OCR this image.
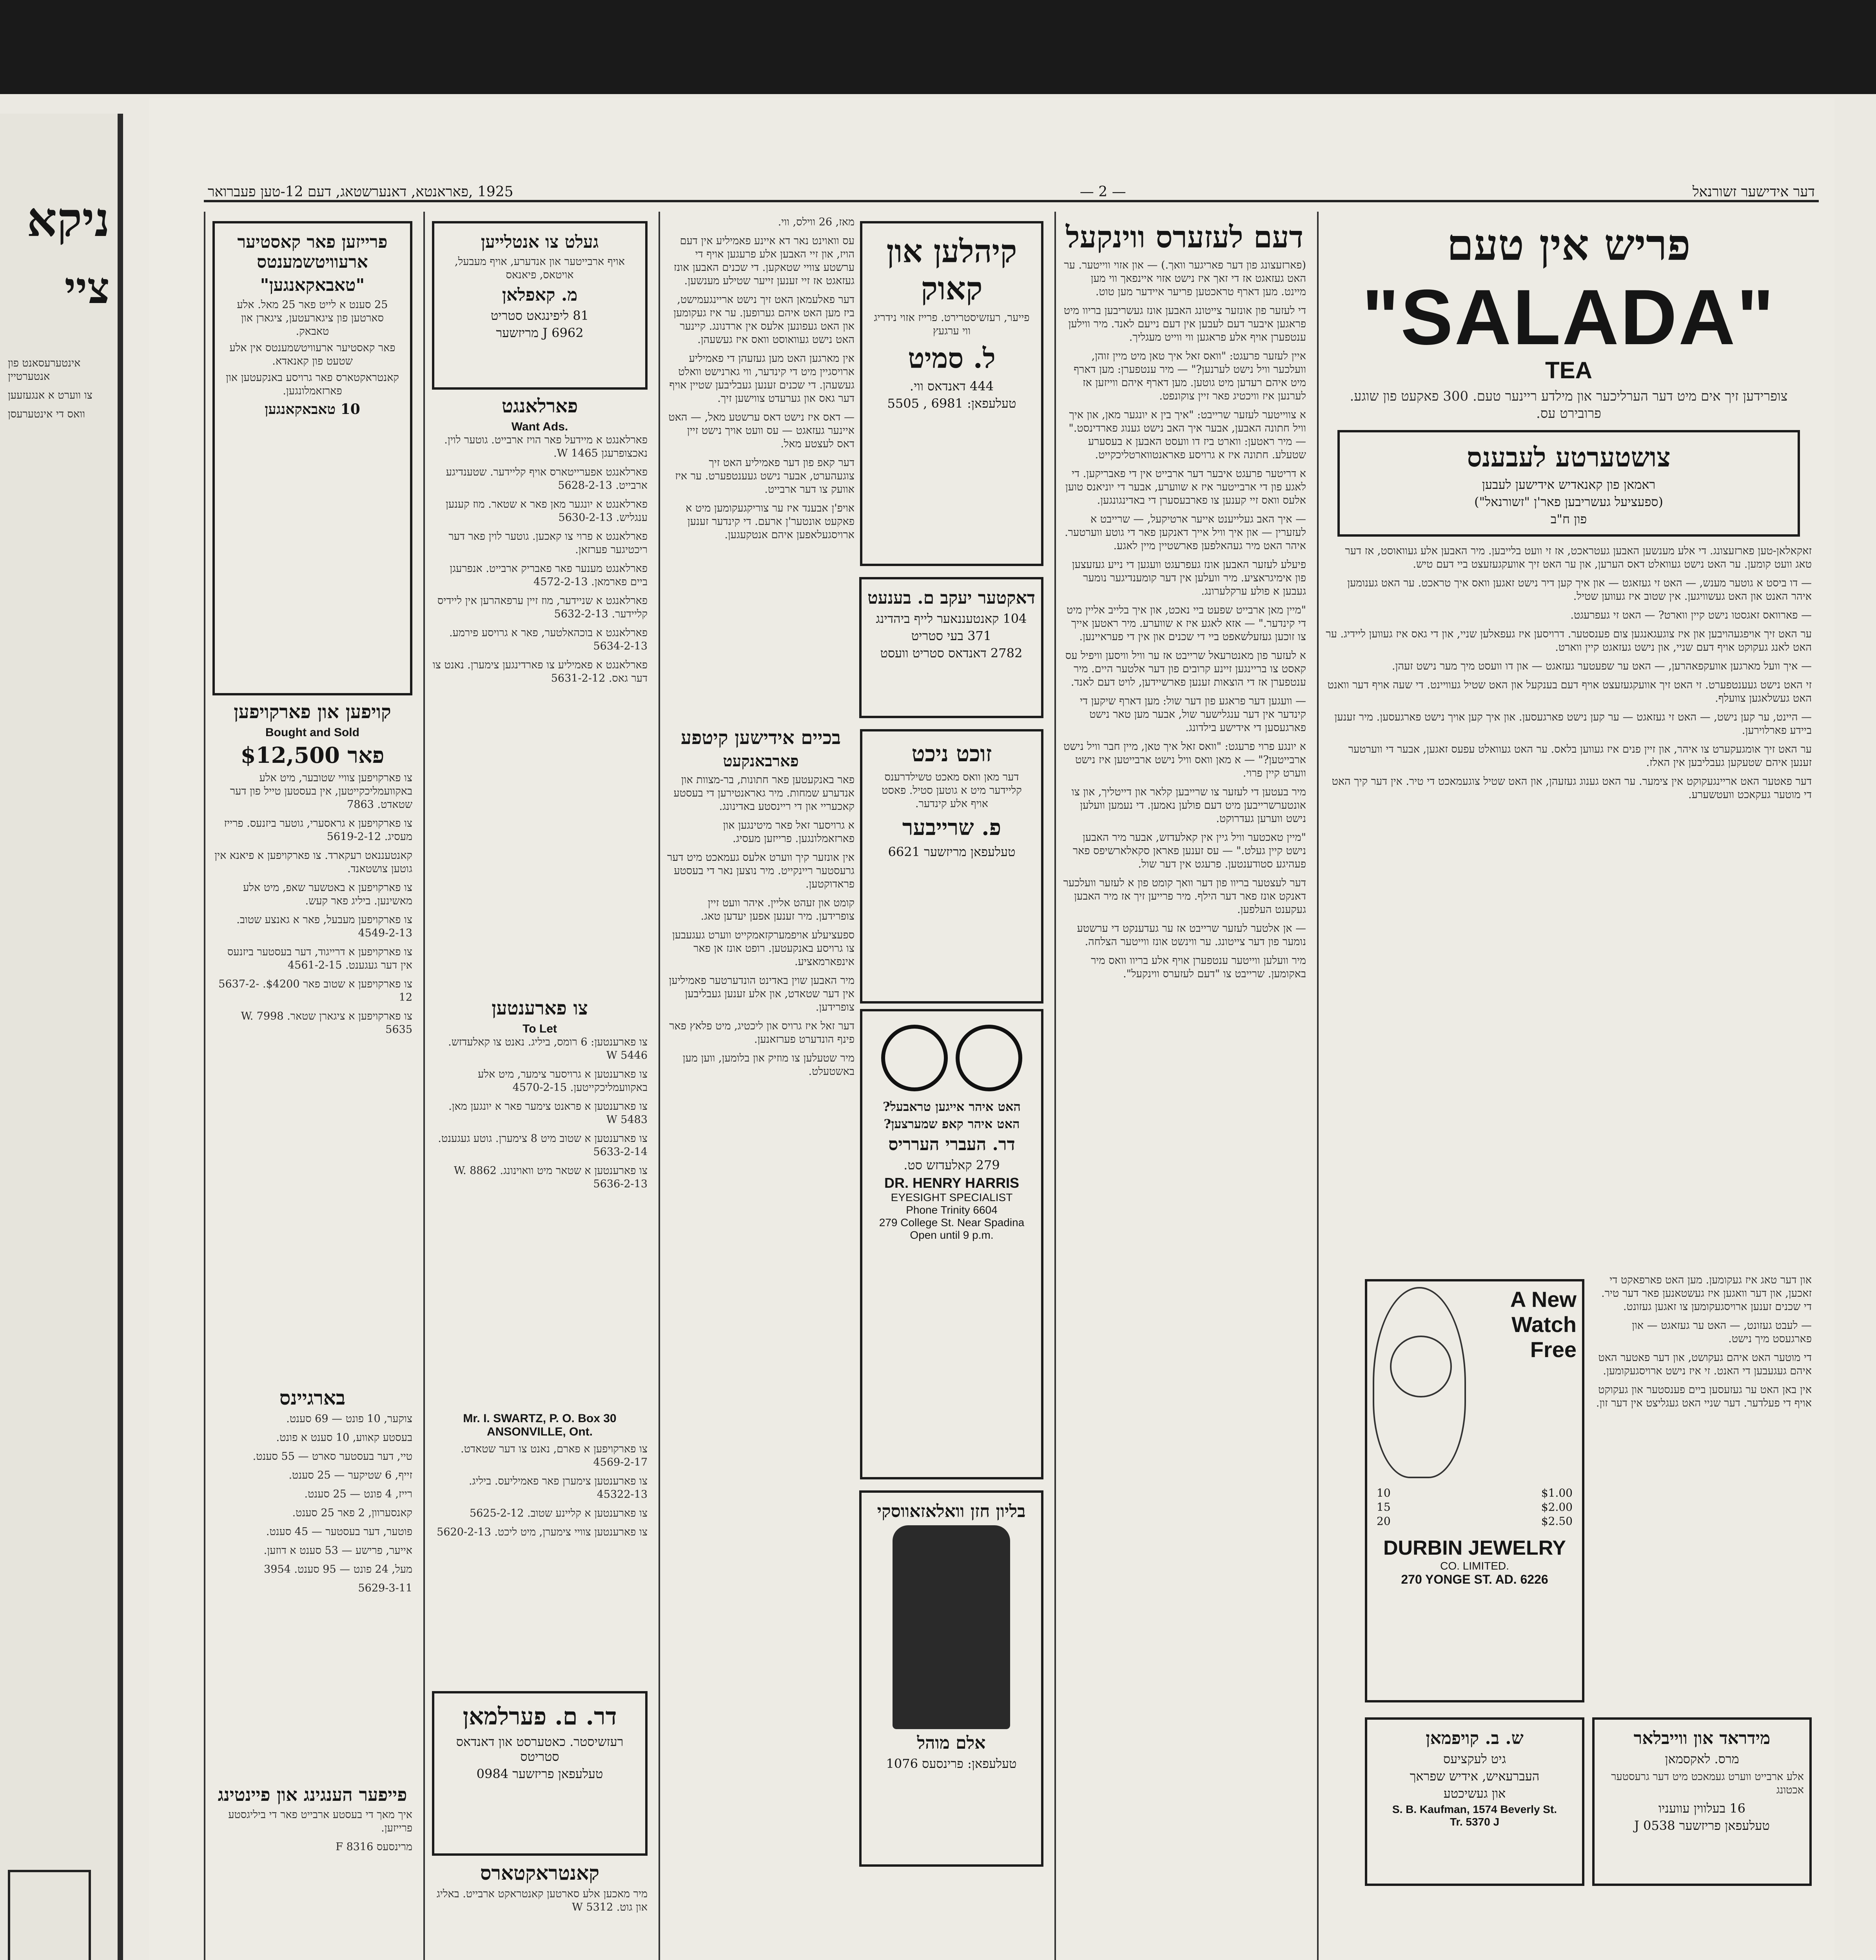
ניקא
ציי

אינטערעסאנט פון אנטערטיין

צו ווערט א אנגעזעען

וואס די אינטערעסן

דער אידישער זשורנאל
— 2 —
1925 ,פאראנטא, דאנערשטאג, דעם 12-טען פעברואר
פריש אין טעם
"SALADA"
TEA
צופרידען זיך אים מיט דער הערליכער און מילדע ריינער טעם. 300 פאקעט פון שוגע. פרובירט עס.
צושטערטע לעבענס
ראמאן פון קאנאדיש אידישען לעבען
(ספעציעל געשריבען פאר'ן "זשורנאל")
פון ח"ב

זאקאלאן-טען פארזעצונג. די אלע מענשען האבען געטראכט, אז זי וועט בלייבען. מיר האבען אלע געוואוסט, אז דער טאג וועט קומען. ער האט נישט געוואלט דאס הערען, און ער האט זיך אוועקגעזעצט ביי דעם טיש.

— דו ביסט א גוטער מענש, — האט זי געזאגט — און איך קען דיר נישט זאגען וואס איך טראכט. ער האט גענומען איהר האנט און האט געשוויגען. אין שטוב איז געווען שטיל.

— פארוואס זאגסטו נישט קיין ווארט? — האט זי געפרעגט.

ער האט זיך אויפגעהויבען און איז צוגעגאנגען צום פענסטער. דרויסען איז געפאלען שניי, און די גאס איז געווען ליידיג. ער האט לאנג געקוקט אויף דעם שניי, און נישט געזאגט קיין ווארט.

— איך וועל מארגען אוועקפאהרען, — האט ער שפעטער געזאגט — און דו וועסט מיך מער נישט זעהן.

זי האט נישט געענטפערט. זי האט זיך אוועקגעזעצט אויף דעם בענקעל און האט שטיל געוויינט. די שעה אויף דער וואנט האט געשלאגען צוועלף.

— היינט, ער קען נישט, — האט זי געזאגט — ער קען נישט פארגעסען. און איך קען אויך נישט פארגעסען. מיר זענען ביידע פארלוירען.

ער האט זיך אומגעקערט צו איהר, און זיין פנים איז געווען בלאס. ער האט געוואלט עפעס זאגען, אבער די ווערטער זענען איהם שטעקען געבליבען אין האלז.

דער פאטער האט אריינגעקוקט אין צימער. ער האט גענוג געזעהן, און האט שטיל צוגעמאכט די טיר. אין דער קיך האט די מוטער געקאכט וועטשערע.

און דער טאג איז געקומען. מען האט פארפאקט די זאכען, און דער וואגען איז געשטאנען פאר דער טיר. די שכנים זענען ארויסגעקומען צו זאגען געזונט.

— לעבט געזונט, — האט ער געזאגט — און פארגעסט מיך נישט.

די מוטער האט איהם געקושט, און דער פאטער האט איהם געגעבען די האנט. זי איז נישט ארויסגעקומען.

אין באן האט ער געזעסען ביים פענסטער און געקוקט אויף די פעלדער. דער שניי האט געגליצט אין דער זון.

A New
Watch
Free
$1.00
10
$2.00
15
$2.50
20
DURBIN JEWELRY
CO. LIMITED.
270 YONGE ST. AD. 6226
מידראד און ווייבלאר
מרס. לאקסמאן
אלע ארבייט ווערט געמאכט מיט דער גרעסטער אכטונג
16 בעלווין עוועניו
טעלעפאן פריזשער J 0538
ש. ב. קויפמאן
גיט לעקציעס
העברעאיש, אידיש שפראך
און געשיכטע
S. B. Kaufman, 1574 Beverly St.
Tr. 5370 J
דעם לעזערס ווינקעל

(פארזעצונג פון דער פאריגער וואך.) — און אזוי ווייטער. ער האט געזאגט אז די זאך איז נישט אזוי איינפאך ווי מען מיינט. מען דארף טראכטען פריער איידער מען טוט.

די לעזער פון אונזער צייטונג האבען אונז געשריבען בריוו מיט פראגען איבער דעם לעבען אין דעם נייעם לאנד. מיר ווילען ענטפערן אויף אלע פראגען ווי ווייט מעגליך.

איין לעזער פרעגט: "וואס זאל איך טאן מיט מיין זוהן, וועלכער וויל נישט לערנען?" — מיר ענטפערן: מען דארף מיט איהם רעדען מיט גוטען. מען דארף איהם ווייזען אז לערנען איז וויכטיג פאר זיין צוקונפט.

א צווייטער לעזער שרייבט: "איך בין א יונגער מאן, און איך וויל חתונה האבען, אבער איך האב נישט גענוג פארדינסט." — מיר ראטען: ווארט ביז דו וועסט האבען א בעסערע שטעלע. חתונה איז א גרויסע פאראנטווארטליכקייט.

א דריטער פרעגט איבער דער ארבייט אין די פאבריקען. די לאגע פון די ארבייטער איז א שווערע, אבער די יוניאנס טוען אלעס וואס זיי קענען צו פארבעסערן די באדינגונגען.

— איך האב געלייענט אייער ארטיקעל, — שרייבט א לעזערין — און איך וויל אייך דאנקען פאר די גוטע ווערטער. איהר האט מיר געהאלפען פארשטיין מיין לאגע.

פיעלע לעזער האבען אונז געפרעגט וועגען די נייע געזעצען פון אימיגראציע. מיר וועלען אין דער קומענדיגער נומער געבען א פולע ערקלערונג.

"מיין מאן ארבייט שפעט ביי נאכט, און איך בלייב אליין מיט די קינדער." — אזא לאגע איז א שווערע. מיר ראטען אייך צו זוכען געזעלשאפט ביי די שכנים און אין די פעראיינען.

א לעזער פון מאנטרעאל שרייבט אז ער וויל וויסען וויפיל עס קאסט צו בריינגען זיינע קרובים פון דער אלטער היים. מיר ענטפערן אז די הוצאות זענען פארשיידען, לויט דעם לאנד.

— וועגען דער פראגע פון דער שול: מען דארף שיקען די קינדער אין דער ענגלישער שול, אבער מען טאר נישט פארגעסען די אידישע בילדונג.

א יונגע פרוי פרעגט: "וואס זאל איך טאן, מיין חבר וויל נישט ארבייטען?" — א מאן וואס וויל נישט ארבייטען איז נישט ווערט קיין פרוי.

מיר בעטען די לעזער צו שרייבען קלאר און דייטליך, און צו אונטערשרייבען מיט דעם פולען נאמען. די נעמען וועלען נישט ווערען געדרוקט.

"מיין טאכטער וויל גיין אין קאלעדזש, אבער מיר האבען נישט קיין געלט." — עס זענען פאראן סקאלארשיפס פאר פעהיגע סטודענטען. פרעגט אין דער שול.

דער לעצטער בריוו פון דער וואך קומט פון א לעזער וועלכער דאנקט אונז פאר דער הילף. מיר פרייען זיך אז מיר האבען געקענט העלפען.

— אן אלטער לעזער שרייבט אז ער געדענקט די ערשטע נומער פון דער צייטונג. ער ווינשט אונז ווייטער הצלחה.

מיר וועלען ווייטער ענטפערן אויף אלע בריוו וואס מיר באקומען. שרייבט צו "דעם לעזערס ווינקעל".

קיהלען און קאוק
פייער, רעזשיסטרירט. פרייז אזוי נידריג ווי ערגעץ
ל. סמיט
444 דאנדאס ווי.
טעלעפאן: 6981 , 5505

מאז, 26 ווילס, ווי.

עס וואוינט נאר דא איינע פאמיליע אין דעם הויז, און זיי האבען אלע פרעגען אויף די ערשטע צוויי שטאקען. די שכנים האבען אונז געזאגט אז זיי זענען זייער שטילע מענשען.

דער פאלעמאן האט זיך נישט אריינגעמישט, ביז מען האט איהם גערופען. ער איז געקומען און האט געפונען אלעס אין ארדנונג. קיינער האט נישט געוואוסט וואס איז געשעהן.

אין מארגען האט מען געזעהן די פאמיליע ארויסגיין מיט די קינדער, ווי גארנישט וואלט געשעהן. די שכנים זענען געבליבען שטיין אויף דער גאס און גערעדט צווישען זיך.

— דאס איז נישט דאס ערשטע מאל, — האט איינער געזאגט — עס וועט אויך נישט זיין דאס לעצטע מאל.

דער קאפ פון דער פאמיליע האט זיך צוגעהערט, אבער נישט געענטפערט. ער איז אוועק צו דער ארבייט.

אויפ'ן אבענד איז ער צוריקגעקומען מיט א פאקעט אונטער'ן ארעם. די קינדער זענען ארויסגעלאפען איהם אנטקעגען.

דאקטער יעקב ם. בענעט
104 קאנטעננאער לייף ביהדינג
371 בעי סטריט
2782 דאנדאס סטריט וועסט
זוכט ניכט
דער מאן וואס מאכט טשילדרענס קליידער מיט א גוטען סטיל. פאסט אויף אלע קינדער.
פ. שרייבער
טעלעפאן מריזשער 6621
האט איהר אייגען טראבעל?
האט איהר קאפ שמערצען?
דר. העברי הערריס
279 קאלעדזש סט.
DR. HENRY HARRIS
EYESIGHT SPECIALIST
Phone Trinity 6604
279 College St. Near Spadina
Open until 9 p.m.
בכיים אידישען קיטפע
פארבאנקעט

פאר באנקעטען פאר חתונות, בר-מצוות און אנדערע שמחות. מיר גאראנטירען די בעסטע קאכעריי און די ריינסטע באדינונג.

א גרויסער זאל פאר מיטינגען און פארזאמלונגען. פרייזען מעסיג.

אין אונזער קיך ווערט אלעס געמאכט מיט דער גרעסטער ריינקייט. מיר נוצען נאר די בעסטע פראדוקטען.

קומט און זעהט אליין. איהר וועט זיין צופרידען. מיר זענען אפען יעדען טאג.

ספעציעלע אויפמערקזאמקייט ווערט געגעבען צו גרויסע באנקעטען. רופט אונז אן פאר אינפארמאציע.

מיר האבען שוין באדינט הונדערטער פאמיליען אין דער שטאדט, און אלע זענען געבליבען צופרידען.

דער זאל איז גרויס און ליכטיג, מיט פלאץ פאר פינף הונדערט פערזאנען.

מיר שטעלען צו מוזיק און בלומען, ווען מען באשטעלט.

בליון חזן וואלאזאווסקי
אלם מוהל
טעלעפאן: פרינסעס 1076
געלט צו אנטלייען
אויף ארבייטער און אנדערע, אויף מעבעל, אויטאס, פיאנאס
מ. קאפלאן
81 ליפינגאט סטריט
6962 J מריזשער
פארלאנגט
Want Ads.

פארלאנגט א מיידעל פאר הויז ארבייט. גוטער לוין. נאכצופרעגן 1465 W.

פארלאנגט אפערייטארס אויף קליידער. שטענדיגע ארבייט. 5628-2-13

פארלאנגט א יונגער מאן פאר א שטאר. מוז קענען ענגליש. 5630-2-13

פארלאנגט א פרוי צו קאכען. גוטער לוין פאר דער ריכטיגער פערזאן.

פארלאנגט מענער פאר פאבריק ארבייט. אנפרעגן ביים פארמאן. 4572-2-13

פארלאנגט א שניידער, מוז זיין ערפאהרען אין ליידיס קליידער. 5632-2-13

פארלאנגט א בוכהאלטער, פאר א גרויסע פירמע. 5634-2-13

פארלאנגט א פאמיליע צו פארדינגען צימערן. נאנט צו דער גאס. 5631-2-12

צו פארענטען
To Let

צו פארענטען: 6 רומס, ביליג. נאנט צו קאלעדזש. 5446 W

צו פארענטען א גרויסער צימער, מיט אלע באקוועמליכקייטען. 4570-2-15

צו פארענטען א פראנט צימער פאר א יונגען מאן. 5483 W

צו פארענטען א שטוב מיט 8 צימערן. גוטע געגענט. 5633-2-14

צו פארענטען א שטאר מיט וואוינונג. 8862 W. 5636-2-13

Mr. I. SWARTZ, P. O. Box 30
ANSONVILLE, Ont.

צו פארקויפען א פארם, נאנט צו דער שטאדט. 4569-2-17

צו פארענטען צימערן פאר פאמיליעס. ביליג. 45322-13

צו פארענטען א קליינע שטוב. 5625-2-12

צו פארענטען צוויי צימערן, מיט ליכט. 5620-2-13

דר. ם. פערלמאן
רעזשיסטר. כאטערסט און דאנדאס סטריטס
טעלעפאן פריזשער 0984
קאנטראקטארס

מיר מאכען אלע סארטען קאנטראקט ארבייט. באליג און גוט. 5312 W

פרייזען פאר קאסטיער ארעוויטשמענטס
"טאבאקאנגען"
25 סענט א לייט פאר 25 מאל. אלע סארטען פון ציגארעטען, ציגארן און טאבאק.
פאר קאסטיער ארעוויטשמענטס אין אלע שטעט פון קאנאדא.
קאנטראקטארס פאר גרויסע באנקעטען און פארזאמלונגען.
10 טאבאקאנגען
קויפען און פארקויפען
Bought and Sold
פאר $12,500

צו פארקויפען צוויי שטובער, מיט אלע באקוועמליכקייטען, אין בעסטען טייל פון דער שטאדט. 7863

צו פארקויפען א גראסערי, גוטער ביזנעס. פרייז מעסיג. 5619-2-12

קאנטעננאט רעקארד. צו פארקויפען א פיאנא אין גוטען צושטאנד.

צו פארקויפען א באטשער שאפ, מיט אלע מאשינען. ביליג פאר קעש.

צו פארקויפען מעבעל, פאר א גאנצע שטוב. 4549-2-13

צו פארקויפען א דרייגוד, דער בעסטער ביזנעס אין דער געגענט. 4561-2-15

צו פארקויפען א שטוב פאר $4200. 5637-2-12

צו פארקויפען א ציגארן שטאר. 7998 W. 5635

בארגיינס

צוקער, 10 פונט — 69 סענט.

בעסטע קאווע, 10 סענט א פונט.

טיי, דער בעסטער סארט — 55 סענט.

זייף, 6 שטיקער — 25 סענט.

רייז, 4 פונט — 25 סענט.

קאנסערוון, 2 פאר 25 סענט.

פוטער, דער בעסטער — 45 סענט.

אייער, פרישע — 53 סענט א דוזען.

מעל, 24 פונט — 95 סענט. 3954

5629-3-11

פייפער הענגינג און פיינטינג

איך מאך די בעסטע ארבייט פאר די ביליגסטע פרייזען.

מרינסעס F 8316
